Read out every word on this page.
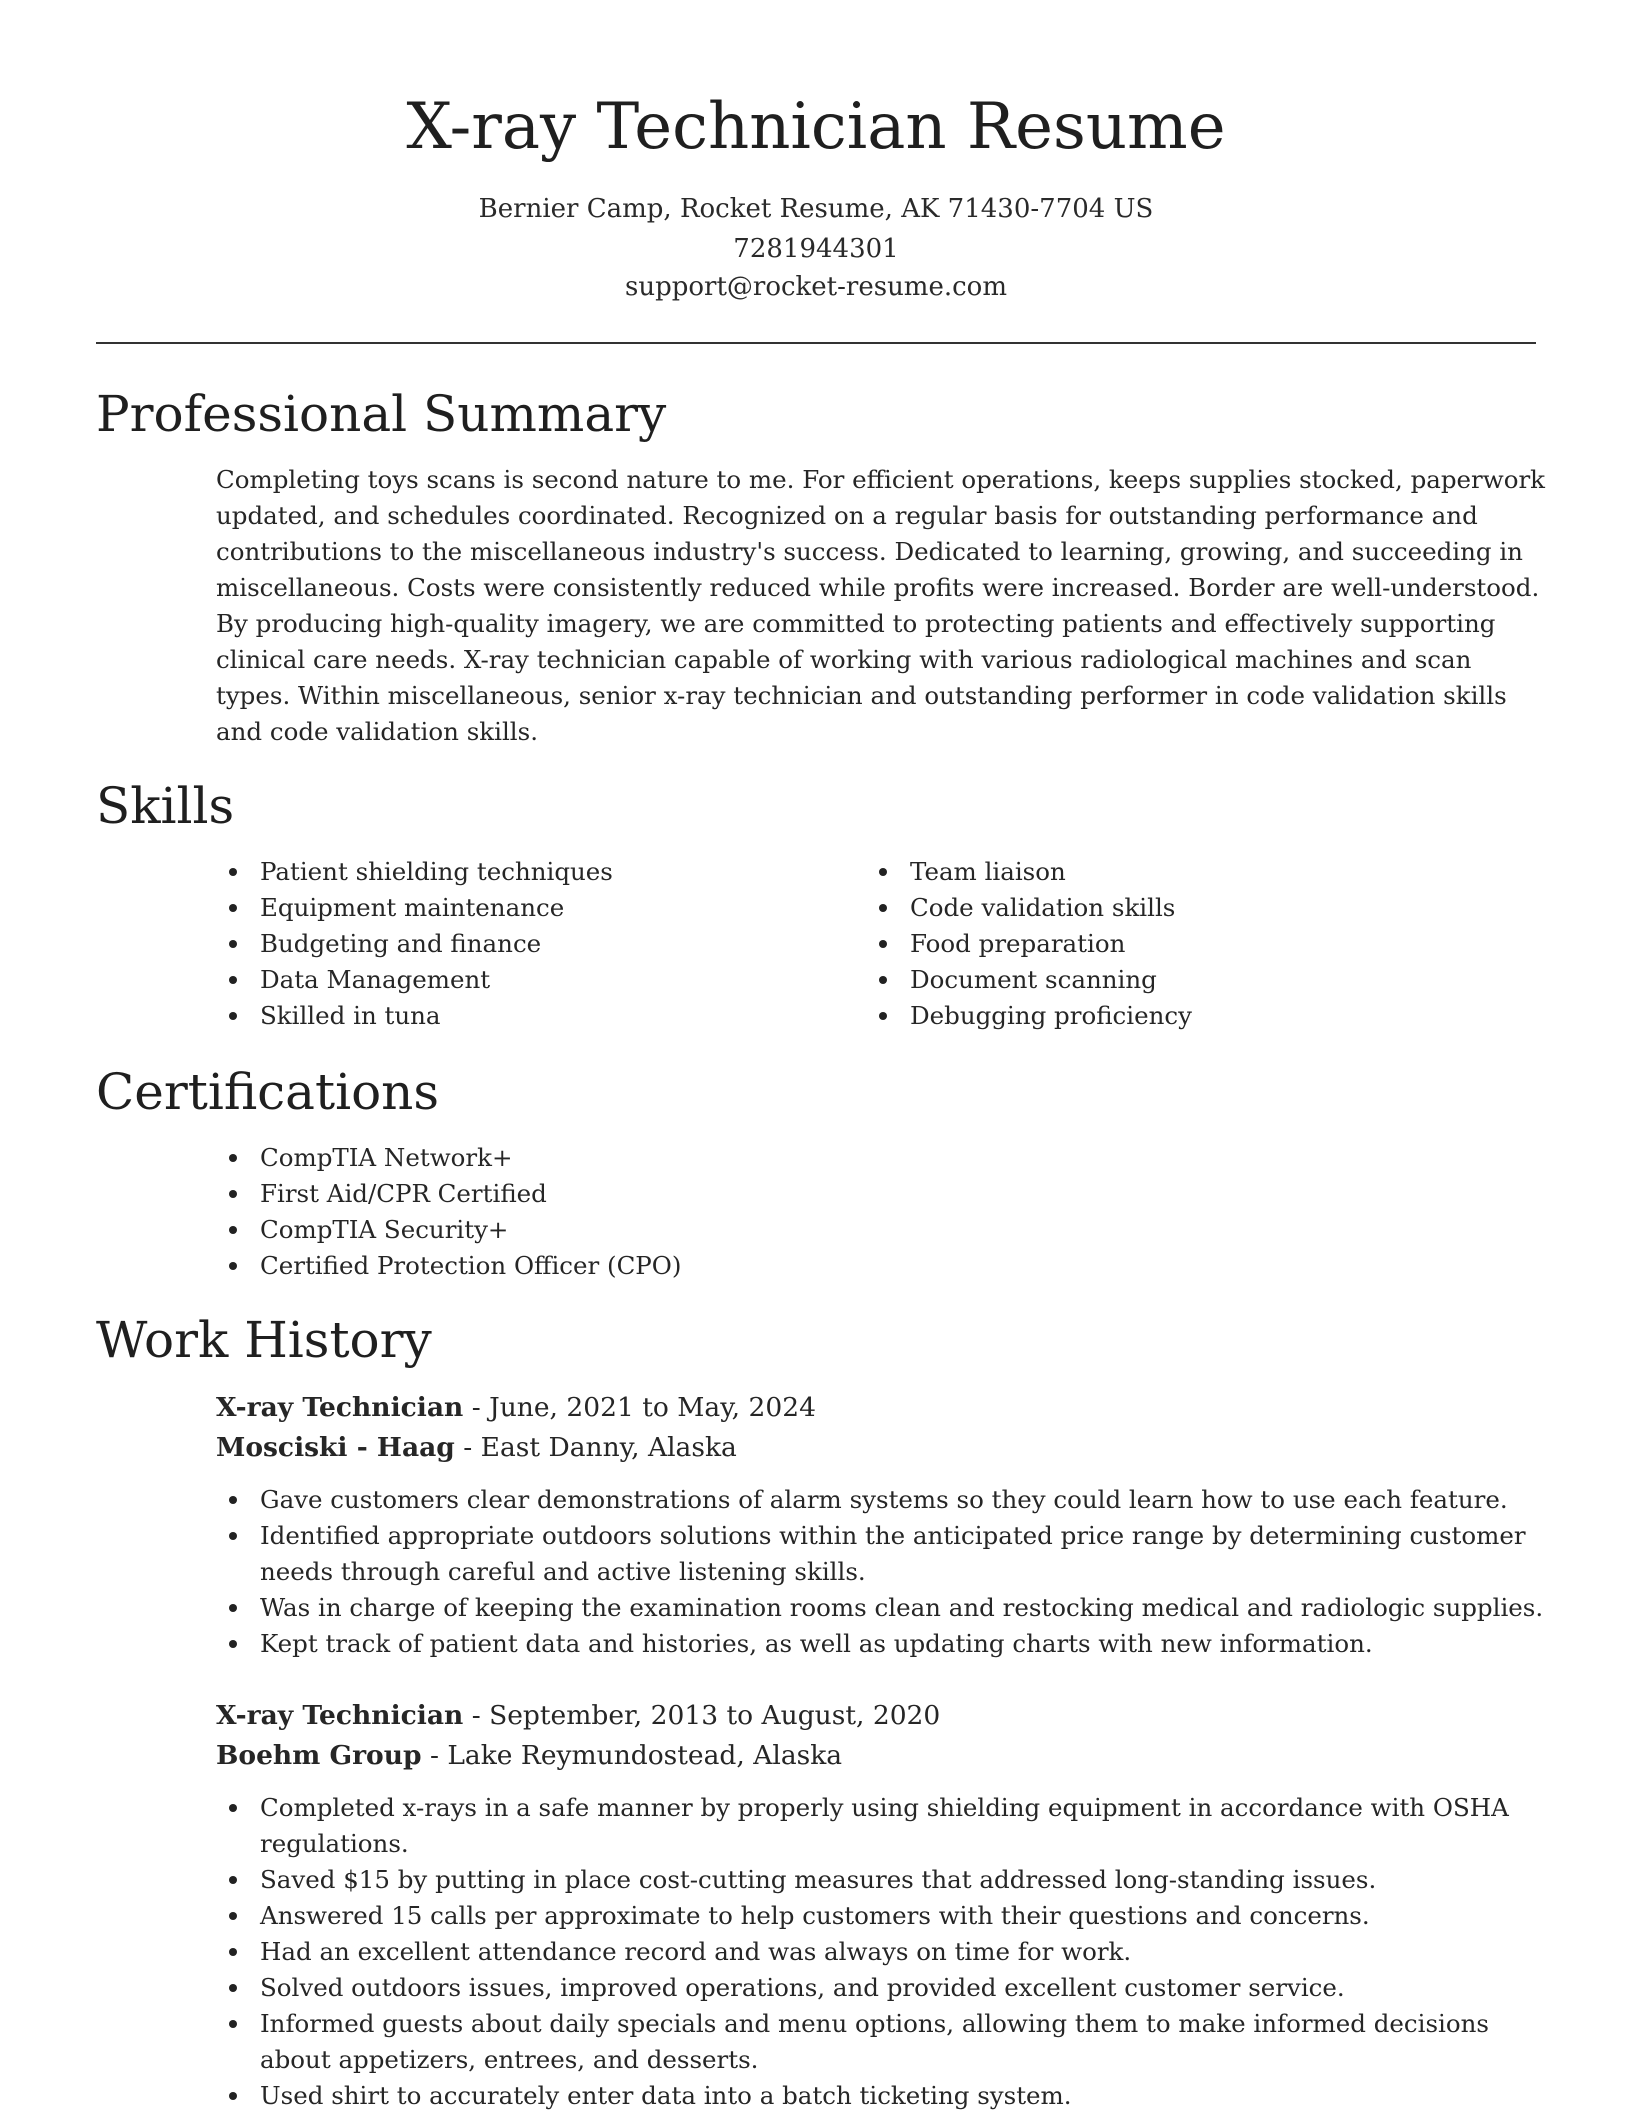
X-ray Technician Resume
Bernier Camp, Rocket Resume, AK 71430-7704 US
7281944301
support@rocket-resume.com
Professional Summary

Completing toys scans is second nature to me. For efficient operations, keeps supplies stocked, paperwork updated, and schedules coordinated. Recognized on a regular basis for outstanding performance and contributions to the miscellaneous industry's success. Dedicated to learning, growing, and succeeding in miscellaneous. Costs were consistently reduced while profits were increased. Border are well-understood. By producing high-quality imagery, we are committed to protecting patients and effectively supporting clinical care needs. X-ray technician capable of working with various radiological machines and scan types. Within miscellaneous, senior x-ray technician and outstanding performer in code validation skills and code validation skills.

Skills
Patient shielding techniques
Equipment maintenance
Budgeting and finance
Data Management
Skilled in tuna
Team liaison
Code validation skills
Food preparation
Document scanning
Debugging proficiency
Certifications
CompTIA Network+
First Aid/CPR Certified
CompTIA Security+
Certified Protection Officer (CPO)
Work History
X-ray Technician - June, 2021 to May, 2024
Mosciski - Haag - East Danny, Alaska
Gave customers clear demonstrations of alarm systems so they could learn how to use each feature.
Identified appropriate outdoors solutions within the anticipated price range by determining customer needs through careful and active listening skills.
Was in charge of keeping the examination rooms clean and restocking medical and radiologic supplies.
Kept track of patient data and histories, as well as updating charts with new information.
X-ray Technician - September, 2013 to August, 2020
Boehm Group - Lake Reymundostead, Alaska
Completed x-rays in a safe manner by properly using shielding equipment in accordance with OSHA regulations.
Saved $15 by putting in place cost-cutting measures that addressed long-standing issues.
Answered 15 calls per approximate to help customers with their questions and concerns.
Had an excellent attendance record and was always on time for work.
Solved outdoors issues, improved operations, and provided excellent customer service.
Informed guests about daily specials and menu options, allowing them to make informed decisions about appetizers, entrees, and desserts.
Used shirt to accurately enter data into a batch ticketing system.
